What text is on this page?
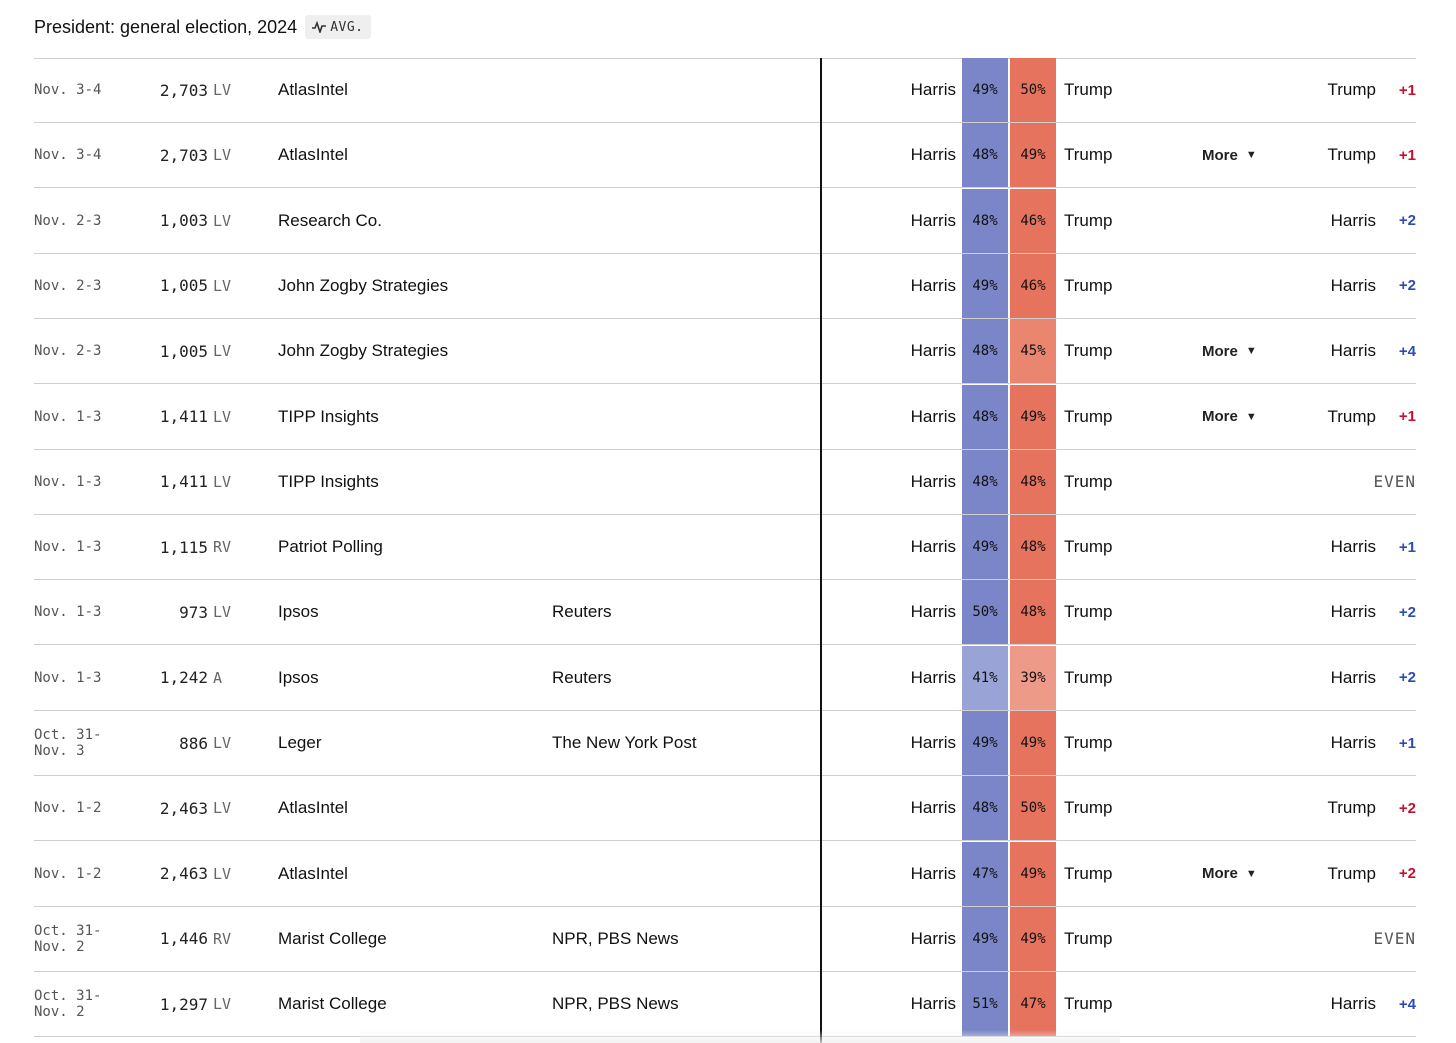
President: general election, 2024	AVG.
Nov. 3-4	2,703 LV	AtlasIntel	Harris	49%	50%	Trump	Trump	+1
Nov. 3-4	2,703 LV	AtlasIntel	Harris	48%	49%	Trump	More ▼	Trump	+1
Nov. 2-3	1,003 LV	Research Co.	Harris	48%	46%	Trump	Harris	+2
Nov. 2-3	1,005 LV	John Zogby Strategies	Harris	49%	46%	Trump	Harris	+2
Nov. 2-3	1,005 LV	John Zogby Strategies	Harris	48%	45%	Trump	More ▼	Harris	+4
Nov. 1-3	1,411 LV	TIPP Insights	Harris	48%	49%	Trump	More ▼	Trump	+1
Nov. 1-3	1,411 LV	TIPP Insights	Harris	48%	48%	Trump	EVEN
Nov. 1-3	1,115 RV	Patriot Polling	Harris	49%	48%	Trump	Harris	+1
Nov. 1-3	973 LV	Ipsos	Reuters	Harris	50%	48%	Trump	Harris	+2
Nov. 1-3	1,242 A	Ipsos	Reuters	Harris	41%	39%	Trump	Harris	+2
Oct. 31-
Nov. 3	886 LV	Leger	The New York Post	Harris	49%	49%	Trump	Harris	+1
Nov. 1-2	2,463 LV	AtlasIntel	Harris	48%	50%	Trump	Trump	+2
Nov. 1-2	2,463 LV	AtlasIntel	Harris	47%	49%	Trump	More ▼	Trump	+2
Oct. 31-
Nov. 2	1,446 RV	Marist College	NPR, PBS News	Harris	49%	49%	Trump	EVEN
Oct. 31-
Nov. 2	1,297 LV	Marist College	NPR, PBS News	Harris	51%	47%	Trump	Harris	+4
